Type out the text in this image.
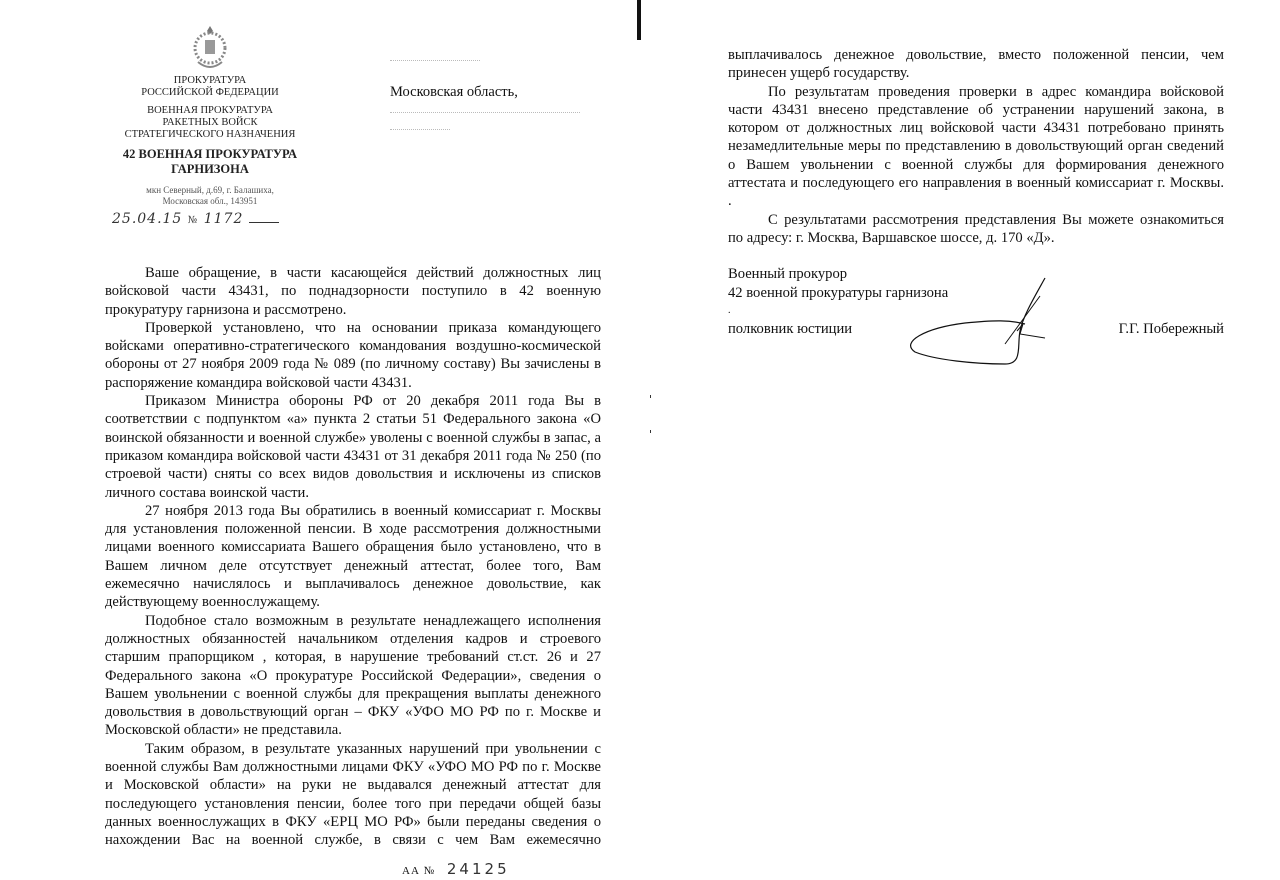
ПРОКУРАТУРА
РОССИЙСКОЙ ФЕДЕРАЦИИ
ВОЕННАЯ ПРОКУРАТУРА
РАКЕТНЫХ ВОЙСК
СТРАТЕГИЧЕСКОГО НАЗНАЧЕНИЯ
42 ВОЕННАЯ ПРОКУРАТУРА
ГАРНИЗОНА
мкн Северный, д.69, г. Балашиха,
Московская обл., 143951
25.04.15 № 1172
Московская область,

Ваше обращение, в части касающейся действий должностных лиц войсковой части 43431, по поднадзорности поступило в 42 военную прокуратуру гарнизона и рассмотрено.

Проверкой установлено, что на основании приказа командующего войсками оперативно-стратегического командования воздушно-космической обороны от 27 ноября 2009 года № 089 (по личному составу) Вы зачислены в распоряжение командира войсковой части 43431.

Приказом Министра обороны РФ от 20 декабря 2011 года Вы в соответствии с подпунктом «а» пункта 2 статьи 51 Федерального закона «О воинской обязанности и военной службе» уволены с военной службы в запас, а приказом командира войсковой части 43431 от 31 декабря 2011 года № 250 (по строевой части) сняты со всех видов довольствия и исключены из списков личного состава воинской части.

27 ноября 2013 года Вы обратились в военный комиссариат г. Москвы для установления положенной пенсии. В ходе рассмотрения должностными лицами военного комиссариата Вашего обращения было установлено, что в Вашем личном деле отсутствует денежный аттестат, более того, Вам ежемесячно начислялось и выплачивалось денежное довольствие, как действующему военнослужащему.

Подобное стало возможным в результате ненадлежащего исполнения должностных обязанностей начальником отделения кадров и строевого старшим прапорщиком , которая, в нарушение требований ст.ст. 26 и 27 Федерального закона «О прокуратуре Российской Федерации», сведения о Вашем увольнении с военной службы для прекращения выплаты денежного довольствия в довольствующий орган – ФКУ «УФО МО РФ по г. Москве и Московской области» не представила.

Таким образом, в результате указанных нарушений при увольнении с военной службы Вам должностными лицами ФКУ «УФО МО РФ по г. Москве и Московской области» на руки не выдавался денежный аттестат для последующего установления пенсии, более того при передачи общей базы данных военнослужащих в ФКУ «ЕРЦ МО РФ» были переданы сведения о нахождении Вас на военной службе, в связи с чем Вам ежемесячно

АА № 24125

выплачивалось денежное довольствие, вместо положенной пенсии, чем принесен ущерб государству.

По результатам проведения проверки в адрес командира войсковой части 43431 внесено представление об устранении нарушений закона, в котором от должностных лиц войсковой части 43431 потребовано принять незамедлительные меры по представлению в довольствующий орган сведений о Вашем увольнении с военной службы для формирования денежного аттестата и последующего его направления в военный комиссариат г. Москвы. .

С результатами рассмотрения представления Вы можете ознакомиться по адресу: г. Москва, Варшавское шоссе, д. 170 «Д».

Военный прокурор
42 военной прокуратуры гарнизона
.
полковник юстиции	Г.Г. Побережный
